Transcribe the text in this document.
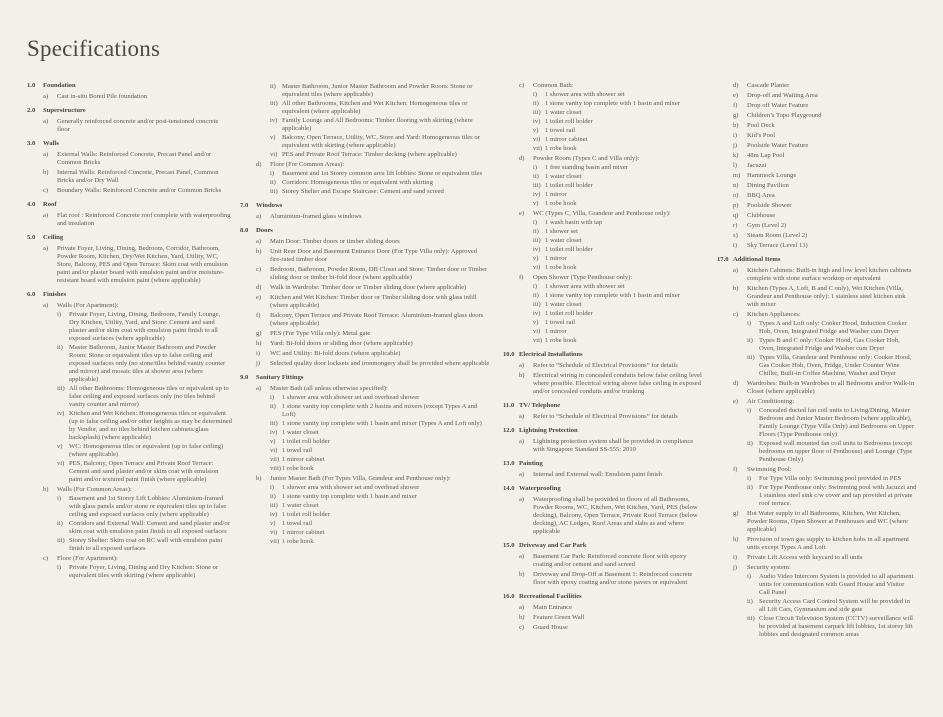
Specifications
1.0	Foundation
a)	Cast in-situ Bored Pile foundation
2.0	Superstructure
a)	Generally reinforced concrete and/or post-tensioned concrete floor
3.0	Walls
a)	External Walls: Reinforced Concrete, Precast Panel and/or Common Bricks
b)	Internal Walls: Reinforced Concrete, Precast Panel, Common Bricks and/or Dry Wall
c)	Boundary Walls: Reinforced Concrete and/or Common Bricks
4.0	Roof
a)	Flat roof : Reinforced Concrete roof complete with waterproofing and insulation
5.0	Ceiling
a)	Private Foyer, Living, Dining, Bedroom, Corridor, Bathroom, Powder Room, Kitchen, Dry/Wet Kitchen, Yard, Utility, WC, Store, Balcony, PES and Open Terrace: Skim coat with emulsion paint and/or plaster board with emulsion paint and/or moisture-resistant board with emulsion paint (where applicable)
6.0	Finishes
a)	Walls (For Apartment):
i)	Private Foyer, Living, Dining, Bedroom, Family Lounge, Dry Kitchen, Utility, Yard, and Store: Cement and sand plaster and/or skim coat with emulsion paint finish to all exposed surfaces (where applicable)
ii) Master Bathroom, Junior Master Bathroom and Powder Room: Stone or equivalent tiles up to false ceiling and exposed surfaces only (no stone/tiles behind vanity counter and mirror) and mosaic tiles at shower area (where applicable)
iii) All other Bathrooms: Homogeneous tiles or equivalent up to false ceiling and exposed surfaces only (no tiles behind vanity counter and mirror)
iv) Kitchen and Wet Kitchen: Homogeneous tiles or equivalent (up to false ceiling and/or other heights as may be determined by Vendor, and no tiles behind kitchen cabinets/glass backsplash) (where applicable)
v) WC: Homogeneous tiles or equivalent (up to false ceiling) (where applicable)
vi) PES, Balcony, Open Terrace and Private Roof Terrace: Cement and sand plaster and/or skim coat with emulsion paint and/or textured paint finish (where applicable)
b)	Walls (For Common Areas):
i)	Basement and 1st Storey Lift Lobbies: Aluminium-framed with glass panels and/or stone or equivalent tiles up to false ceiling and exposed surfaces only (where applicable)
ii) Corridors and External Wall: Cement and sand plaster and/or skim coat with emulsion paint finish to all exposed surfaces
iii) Storey Shelter: Skim coat on RC wall with emulsion paint finish to all exposed surfaces
c)	Floor (For Apartment):
i)	Private Foyer, Living, Dining and Dry Kitchen: Stone or equivalent tiles with skirting (where applicable)
ii) Master Bathroom, Junior Master Bathroom and Powder Room: Stone or equivalent tiles (where applicable)
iii) All other Bathrooms, Kitchen and Wet Kitchen: Homogeneous tiles or equivalent (where applicable)
iv) Family Lounge and All Bedrooms: Timber flooring with skirting (where applicable)
v) Balcony, Open Terrace, Utility, WC, Store and Yard: Homogeneous tiles or equivalent with skirting (where applicable)
vi) PES and Private Roof Terrace: Timber decking (where applicable)
d)	Floor (For Common Areas):
i)	Basement and 1st Storey common area lift lobbies: Stone or equivalent tiles
ii) Corridors: Homogeneous tiles or equivalent with skirting
iii) Storey Shelter and Escape Staircase: Cement and sand screed
7.0	Windows
a)	Aluminium-framed glass windows
8.0	Doors
a)	Main Door: Timber doors or timber sliding doors
b)	Unit Rear Door and Basement Entrance Door (For Type Villa only): Approved fire-rated timber door
c)	Bedroom, Bathroom, Powder Room, DB Closet and Store: Timber door or Timber sliding door or timber bi-fold door (where applicable)
d)	Walk in Wardrobe: Timber door or Timber sliding door (where applicable)
e)	Kitchen and Wet Kitchen: Timber door or Timber sliding door with glass infill (where applicable)
f)	Balcony, Open Terrace and Private Roof Terrace: Aluminium-framed glass doors (where applicable)
g)	PES (For Type Villa only): Metal gate
h)	Yard: Bi-fold doors or sliding door (where applicable)
i)	WC and Utility: Bi-fold doors (where applicable)
j)	Selected quality door locksets and ironmongery shall be provided where applicable
9.0	Sanitary Fittings
a)	Master Bath (all unless otherwise specified):
i)	1 shower area with shower set and overhead shower
ii) 1 stone vanity top complete with 2 basins and mixers (except Types A and Loft)
iii) 1 stone vanity top complete with 1 basin and mixer (Types A and Loft only)
iv) 1 water closet
v) 1 toilet roll holder
vi) 1 towel rail
vii) 1 mirror cabinet
viii) 1 robe hook
b)	Junior Master Bath (For Types Villa, Grandeur and Penthouse only):
i)	1 shower area with shower set and overhead shower
ii) 1 stone vanity top complete with 1 basin and mixer
iii) 1 water closet
iv) 1 toilet roll holder
v) 1 towel rail
vi) 1 mirror cabinet
vii) 1 robe hook
c)	Common Bath:
i)	1 shower area with shower set
ii) 1 stone vanity top complete with 1 basin and mixer
iii) 1 water closet
iv) 1 toilet roll holder
v) 1 towel rail
vi) 1 mirror cabinet
vii) 1 robe hook
d)	Powder Room (Types C and Villa only):
i)	1 free standing basin and mixer
ii) 1 water closet
iii) 1 toilet roll holder
iv) 1 mirror
v) 1 robe hook
e)	WC (Types C, Villa, Grandeur and Penthouse only):
i)	1 wash basin with tap
ii) 1 shower set
iii) 1 water closet
iv) 1 toilet roll holder
v) 1 mirror
vi) 1 robe hook
f)	Open Shower (Type Penthouse only):
i)	1 shower area with shower set
ii) 1 stone vanity top complete with 1 basin and mixer
iii) 1 water closet
iv) 1 toilet roll holder
v) 1 towel rail
vi) 1 mirror
vii) 1 robe hook
10.0 Electrical Installations
a)	Refer to “Schedule of Electrical Provisions” for details
b)	Electrical wiring in concealed conduits below false ceiling level where possible. Electrical wiring above false ceiling in exposed and/or concealed conduits and/or trunking
11.0 TV/ Telephone
a)	Refer to “Schedule of Electrical Provisions” for details
12.0 Lightning Protection
a)	Lightning protection system shall be provided in compliance with Singapore Standard SS-555: 2010
13.0 Painting
a)	Internal and External wall: Emulsion paint finish
14.0 Waterproofing
a)	Waterproofing shall be provided to floors of all Bathrooms, Powder Rooms, WC, Kitchen, Wet Kitchen, Yard, PES (below decking), Balcony, Open Terrace, Private Roof Terrace (below decking), AC Ledges, Roof Areas and slabs as and where applicable
15.0 Driveway and Car Park
a)	Basement Car Park: Reinforced concrete floor with epoxy coating and/or cement and sand screed
b)	Driveway and Drop-Off at Basement 1: Reinforced concrete floor with epoxy coating and/or stone pavers or equivalent
16.0 Recreational Facilities
a)	Main Entrance
b)	Feature Green Wall
c)	Guard House
d)	Cascade Planter
e)	Drop-off and Waiting Area
f)	Drop off Water Feature
g)	Children’s Topo Playground
h)	Pool Deck
i)	Kid’s Pool
j)	Poolside Water Feature
k)	48m Lap Pool
l)	Jacuzzi
m)	Hammock Lounge
n)	Dining Pavilion
o)	BBQ Area
p)	Poolside Shower
q)	Clubhouse
r)	Gym (Level 2)
s)	Steam Room (Level 2)
t)	Sky Terrace (Level 13)
17.0 Additional Items
a)	Kitchen Cabinets: Built-in high and low level kitchen cabinets complete with stone surface worktop or equivalent
b)	Kitchen (Types A, Loft, B and C only), Wet Kitchen (Villa, Grandeur and Penthouse only): 1 stainless steel kitchen sink with mixer
c)	Kitchen Appliances:
i)	Types A and Loft only: Cooker Hood, Induction Cooker Hob, Oven, Integrated Fridge and Washer cum Dryer
ii) Types B and C only: Cooker Hood, Gas Cooker Hob, Oven, Integrated Fridge and Washer cum Dryer
iii) Types Villa, Grandeur and Penthouse only: Cooker Hood, Gas Cooker Hob, Oven, Fridge, Under Counter Wine Chiller, Built-in Coffee Machine, Washer and Dryer
d)	Wardrobes: Built-in Wardrobes to all Bedrooms and/or Walk-in Closet (where applicable)
e)	Air Conditioning:
i)	Concealed ducted fan coil units to Living/Dining, Master Bedroom and Junior Master Bedroom (where applicable), Family Lounge (Type Villa Only) and Bedrooms on Upper Floors (Type Penthouse only)
ii) Exposed wall mounted fan coil units to Bedrooms (except bedrooms on upper floor of Penthouse) and Lounge (Type Penthouse Only)
f)	Swimming Pool:
i)	For Type Villa only: Swimming pool provided in PES
ii) For Type Penthouse only: Swimming pool with Jacuzzi and 1 stainless steel sink c/w cover and tap provided at private roof terrace.
g)	Hot Water supply to all Bathrooms, Kitchen, Wet Kitchen, Powder Rooms, Open Shower at Penthouses and WC (where applicable)
h)	Provision of town gas supply to kitchen hobs in all apartment units except Types A and Loft
i)	Private Lift Access with keycard to all units
j)	Security system:
i)	Audio Video Intercom System is provided to all apartment units for communication with Guard House and Visitor Call Panel
ii) Security Access Card Control System will be provided in all Lift Cars, Gymnasium and side gate
iii) Close Circuit Television System (CCTV) surveillance will be provided at basement carpark lift lobbies, 1st storey lift lobbies and designated common areas
